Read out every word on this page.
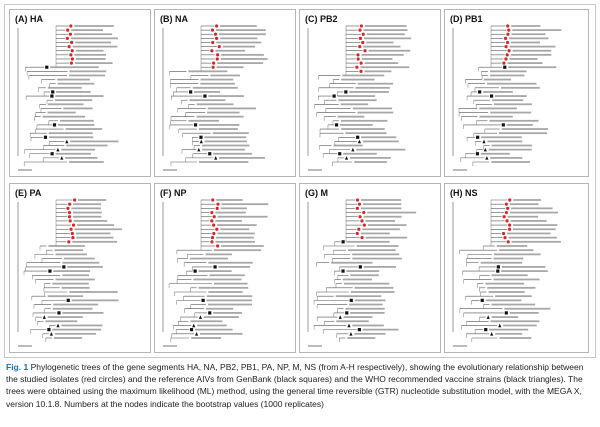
(A) HA	(B) NA	(C) PB2	(D) PB1
(E) PA	(F) NP	(G) M	(H) NS
Fig. 1 Phylogenetic trees of the gene segments HA, NA, PB2, PB1, PA, NP, M, NS (from A-H respectively), showing the evolutionary relationship between the studied isolates (red circles) and the reference AIVs from GenBank (black squares) and the WHO recommended vaccine strains (black triangles). The trees were obtained using the maximum likelihood (ML) method, using the general time reversible (GTR) nucleotide substitution model, with the MEGA X, version 10.1.8. Numbers at the nodes indicate the bootstrap values (1000 replicates)
